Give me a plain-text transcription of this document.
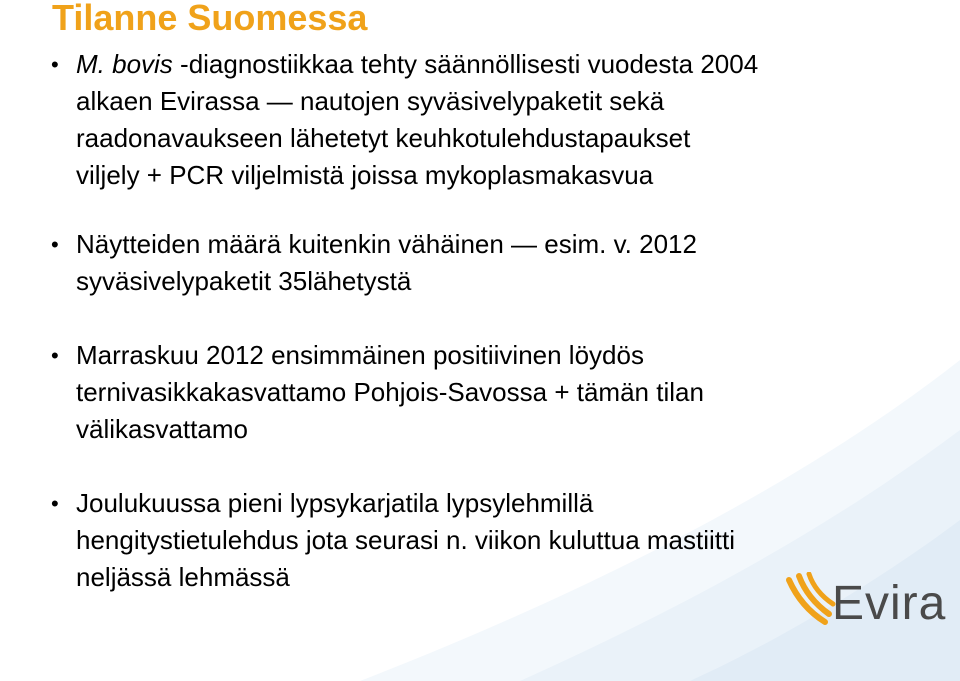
Tilanne Suomessa
• M. bovis -diagnostiikkaa tehty säännöllisesti vuodesta 2004
alkaen Evirassa — nautojen syväsivelypaketit sekä
raadonavaukseen lähetetyt keuhkotulehdustapaukset
viljely + PCR viljelmistä joissa mykoplasmakasvua
• Näytteiden määrä kuitenkin vähäinen — esim. v. 2012
syväsivelypaketit 35lähetystä
• Marraskuu 2012 ensimmäinen positiivinen löydös
ternivasikkakasvattamo Pohjois-Savossa + tämän tilan
välikasvattamo
• Joulukuussa pieni lypsykarjatila lypsylehmillä
hengitystietulehdus jota seurasi n. viikon kuluttua mastiitti
neljässä lehmässä	Evira
